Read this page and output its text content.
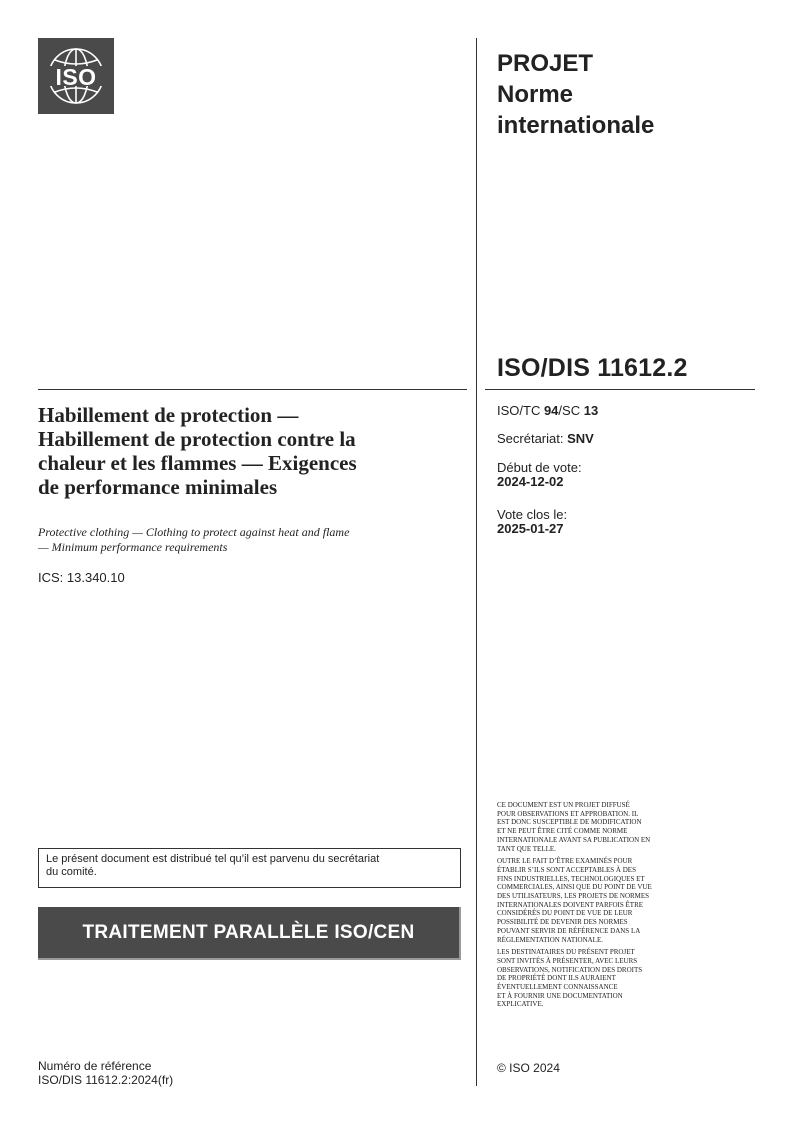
ISO	PROJET
Norme
internationale
ISO/DIS 11612.2
ISO/TC 94/SC 13
Secrétariat: SNV
Début de vote:
2024-12-02
Vote clos le:
2025-01-27
Habillement de protection —
Habillement de protection contre la
chaleur et les flammes — Exigences
de performance minimales
Protective clothing — Clothing to protect against heat and flame
— Minimum performance requirements
ICS: 13.340.10
Le présent document est distribué tel qu’il est parvenu du secrétariat
du comité.
TRAITEMENT PARALLÈLE ISO/CEN
Numéro de référence
ISO/DIS 11612.2:2024(fr)

CE DOCUMENT EST UN PROJET DIFFUSÉ
POUR OBSERVATIONS ET APPROBATION. IL
EST DONC SUSCEPTIBLE DE MODIFICATION
ET NE PEUT ÊTRE CITÉ COMME NORME
INTERNATIONALE AVANT SA PUBLICATION EN
TANT QUE TELLE.

OUTRE LE FAIT D’ÊTRE EXAMINÉS POUR
ÉTABLIR S’ILS SONT ACCEPTABLES À DES
FINS INDUSTRIELLES, TECHNOLOGIQUES ET
COMMERCIALES, AINSI QUE DU POINT DE VUE
DES UTILISATEURS, LES PROJETS DE NORMES
INTERNATIONALES DOIVENT PARFOIS ÊTRE
CONSIDÉRÉS DU POINT DE VUE DE LEUR
POSSIBILITÉ DE DEVENIR DES NORMES
POUVANT SERVIR DE RÉFÉRENCE DANS LA
RÉGLEMENTATION NATIONALE.

LES DESTINATAIRES DU PRÉSENT PROJET
SONT INVITÉS À PRÉSENTER, AVEC LEURS
OBSERVATIONS, NOTIFICATION DES DROITS
DE PROPRIÉTÉ DONT ILS AURAIENT
ÉVENTUELLEMENT CONNAISSANCE
ET À FOURNIR UNE DOCUMENTATION
EXPLICATIVE.

© ISO 2024
